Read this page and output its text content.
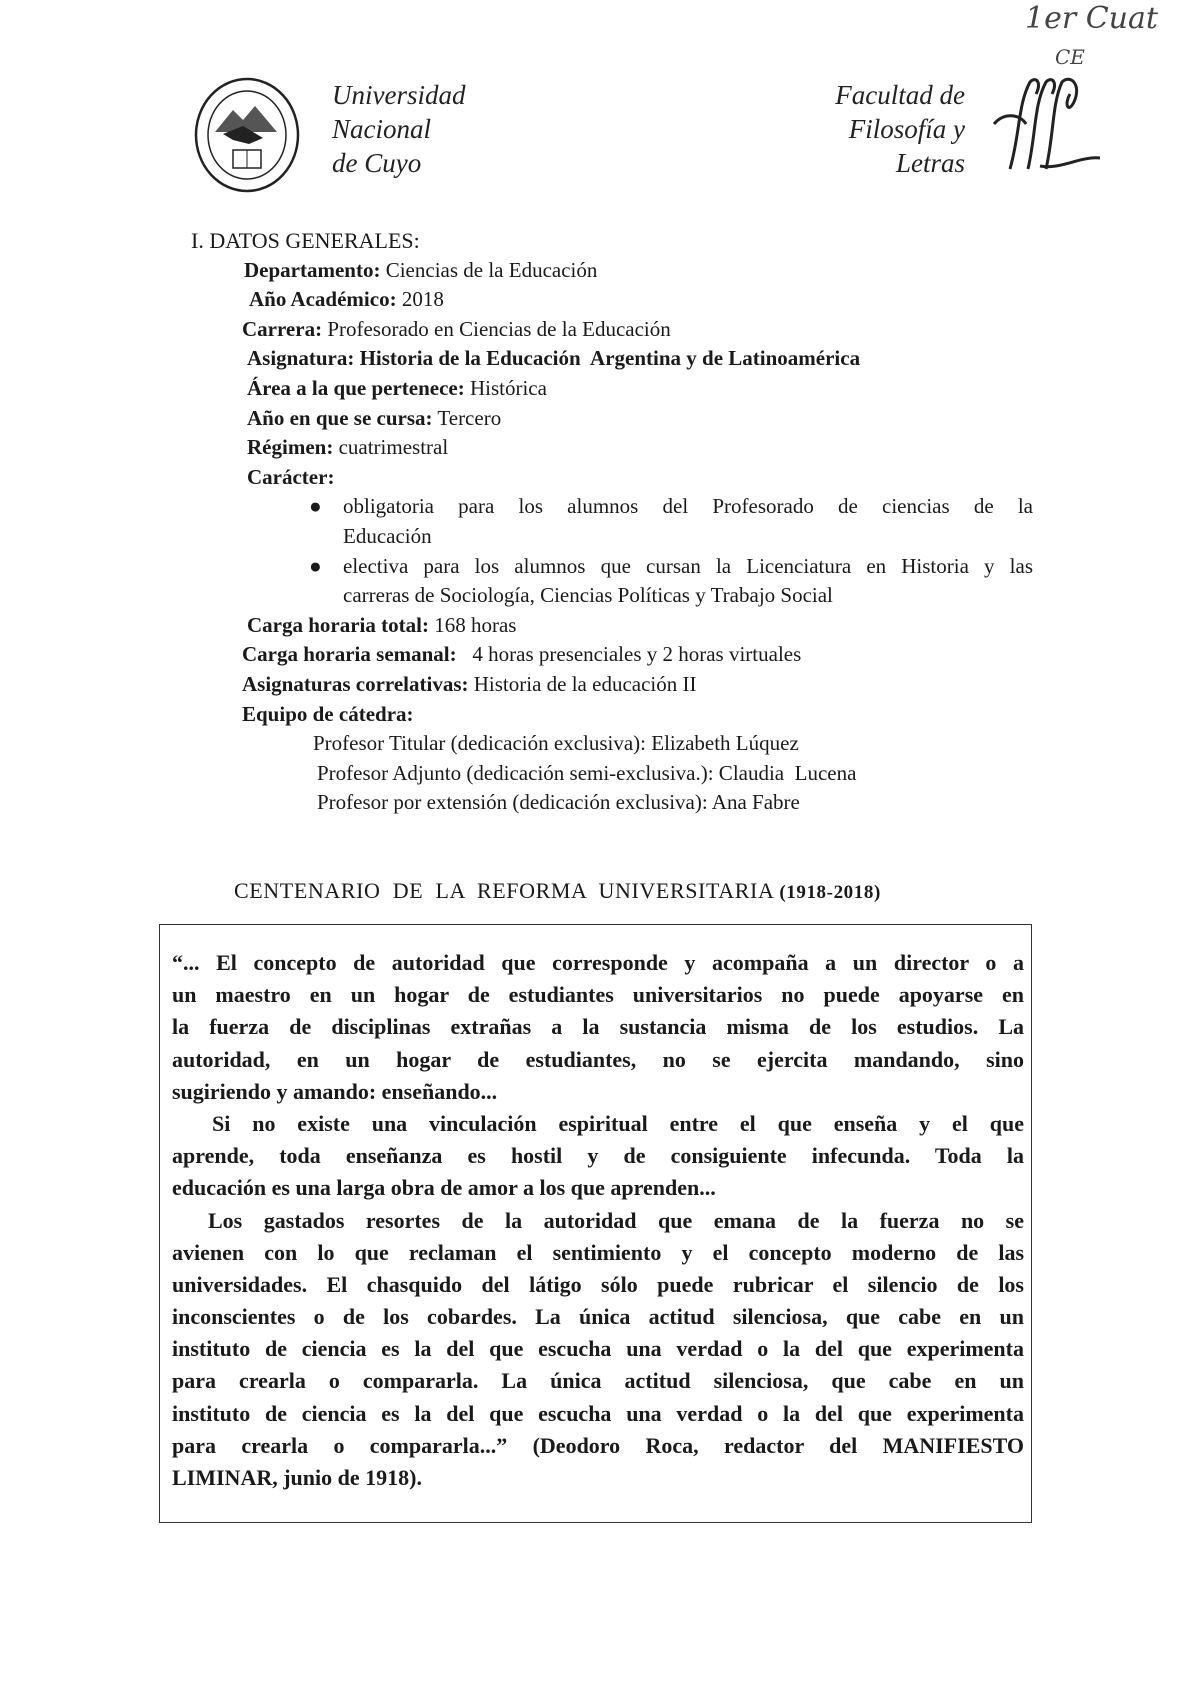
1er Cuat
CE
Universidad
Nacional
de Cuyo
Facultad de
Filosofía y
Letras
I. DATOS GENERALES:
Departamento: Ciencias de la Educación
Año Académico: 2018
Carrera: Profesorado en Ciencias de la Educación
Asignatura: Historia de la Educación  Argentina y de Latinoamérica
Área a la que pertenece: Histórica
Año en que se cursa: Tercero
Régimen: cuatrimestral
Carácter:
● obligatoria para los alumnos del Profesorado de ciencias de la
Educación
● electiva para los alumnos que cursan la Licenciatura en Historia y las
carreras de Sociología, Ciencias Políticas y Trabajo Social
Carga horaria total: 168 horas
Carga horaria semanal:   4 horas presenciales y 2 horas virtuales
Asignaturas correlativas: Historia de la educación II
Equipo de cátedra:
Profesor Titular (dedicación exclusiva): Elizabeth Lúquez
Profesor Adjunto (dedicación semi-exclusiva.): Claudia  Lucena
Profesor por extensión (dedicación exclusiva): Ana Fabre
CENTENARIO  DE  LA  REFORMA  UNIVERSITARIA (1918-2018)
“... El concepto de autoridad que corresponde y acompaña a un director o a
un maestro en un hogar de estudiantes universitarios no puede apoyarse en
la fuerza de disciplinas extrañas a la sustancia misma de los estudios. La
autoridad, en un hogar de estudiantes, no se ejercita mandando, sino
sugiriendo y amando: enseñando...
Si no existe una vinculación espiritual entre el que enseña y el que
aprende, toda enseñanza es hostil y de consiguiente infecunda. Toda la
educación es una larga obra de amor a los que aprenden...
Los gastados resortes de la autoridad que emana de la fuerza no se
avienen con lo que reclaman el sentimiento y el concepto moderno de las
universidades. El chasquido del látigo sólo puede rubricar el silencio de los
inconscientes o de los cobardes. La única actitud silenciosa, que cabe en un
instituto de ciencia es la del que escucha una verdad o la del que experimenta
para crearla o compararla. La única actitud silenciosa, que cabe en un
instituto de ciencia es la del que escucha una verdad o la del que experimenta
para crearla o compararla...” (Deodoro Roca, redactor del MANIFIESTO
LIMINAR, junio de 1918).
